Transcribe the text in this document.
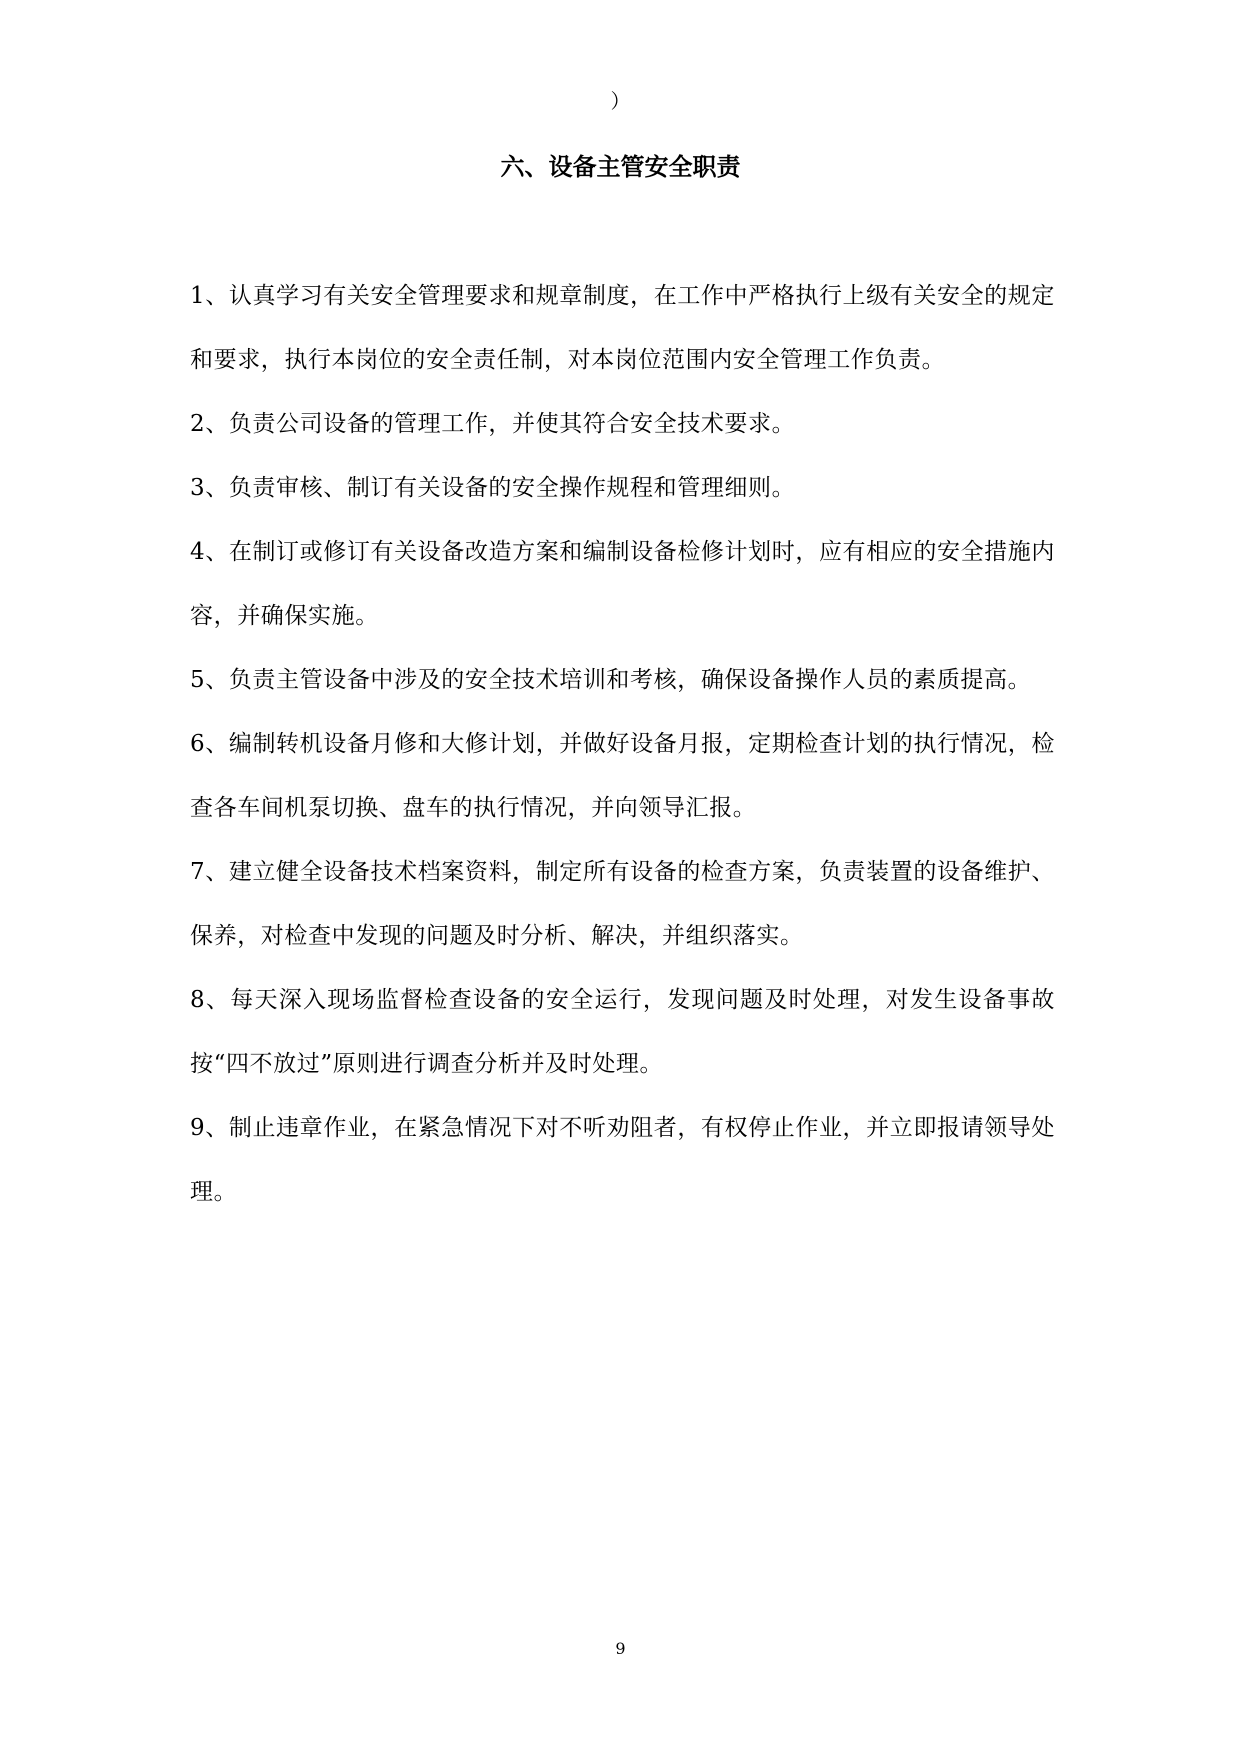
）
六、设备主管安全职责

1、认真学习有关安全管理要求和规章制度，在工作中严格执行上级有关安全的规定和要求，执行本岗位的安全责任制，对本岗位范围内安全管理工作负责。

2、负责公司设备的管理工作，并使其符合安全技术要求。

3、负责审核、制订有关设备的安全操作规程和管理细则。

4、在制订或修订有关设备改造方案和编制设备检修计划时，应有相应的安全措施内容，并确保实施。

5、负责主管设备中涉及的安全技术培训和考核，确保设备操作人员的素质提高。

6、编制转机设备月修和大修计划，并做好设备月报，定期检查计划的执行情况，检查各车间机泵切换、盘车的执行情况，并向领导汇报。

7、建立健全设备技术档案资料，制定所有设备的检查方案，负责装置的设备维护、保养，对检查中发现的问题及时分析、解决，并组织落实。

8、每天深入现场监督检查设备的安全运行，发现问题及时处理，对发生设备事故按“四不放过”原则进行调查分析并及时处理。

9、制止违章作业，在紧急情况下对不听劝阻者，有权停止作业，并立即报请领导处理。

9
